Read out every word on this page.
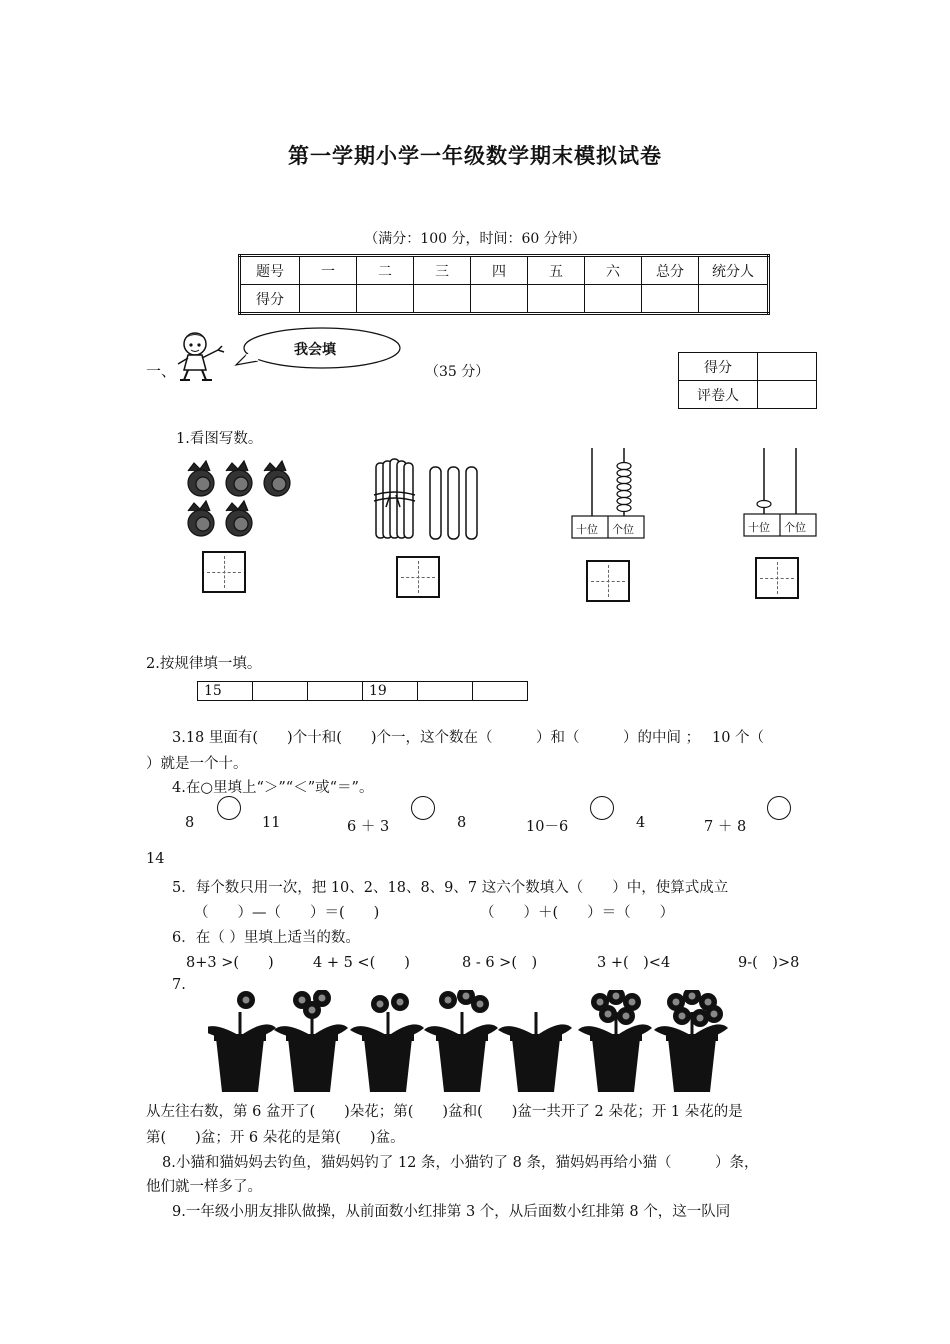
第一学期小学一年级数学期末模拟试卷
（满分：100 分，时间：60 分钟）
题号	一	二	三	四	五	六	总分	统分人
得分								
一、
我会填
（35 分）	得分	
评卷人	
1.看图写数。
十位 个位	十位 个位
2.按规律填一填。
15			19		
3.18 里面有(　　)个十和(　　)个一，这个数在（　　　）和（　　　）的中间 ；　 10 个（
）就是一个十。
4.在○里填上“＞”“＜”或“＝”。
8	11	6 ＋ 3	8	10－6	4	7 ＋ 8
14
5．每个数只用一次，把 10、2、18、8、9、7 这六个数填入（　　）中，使算式成立
（　　）—（　　）＝(　　)	（　　）＋(　　）＝（　　）
6．在（ ）里填上适当的数。
8+3 >(　　)	4 + 5 <(　　)	8 - 6 >(　)	3 +(　)<4	9-(　)>8
7.
从左往右数，第 6 盆开了(　　)朵花；第(　　)盆和(　　)盆一共开了 2 朵花；开 1 朵花的是
第(　　)盆；开 6 朵花的是第(　　)盆。
8.小猫和猫妈妈去钓鱼，猫妈妈钓了 12 条，小猫钓了 8 条，猫妈妈再给小猫（　　　）条，
他们就一样多了。
9.一年级小朋友排队做操，从前面数小红排第 3 个，从后面数小红排第 8 个，这一队同
